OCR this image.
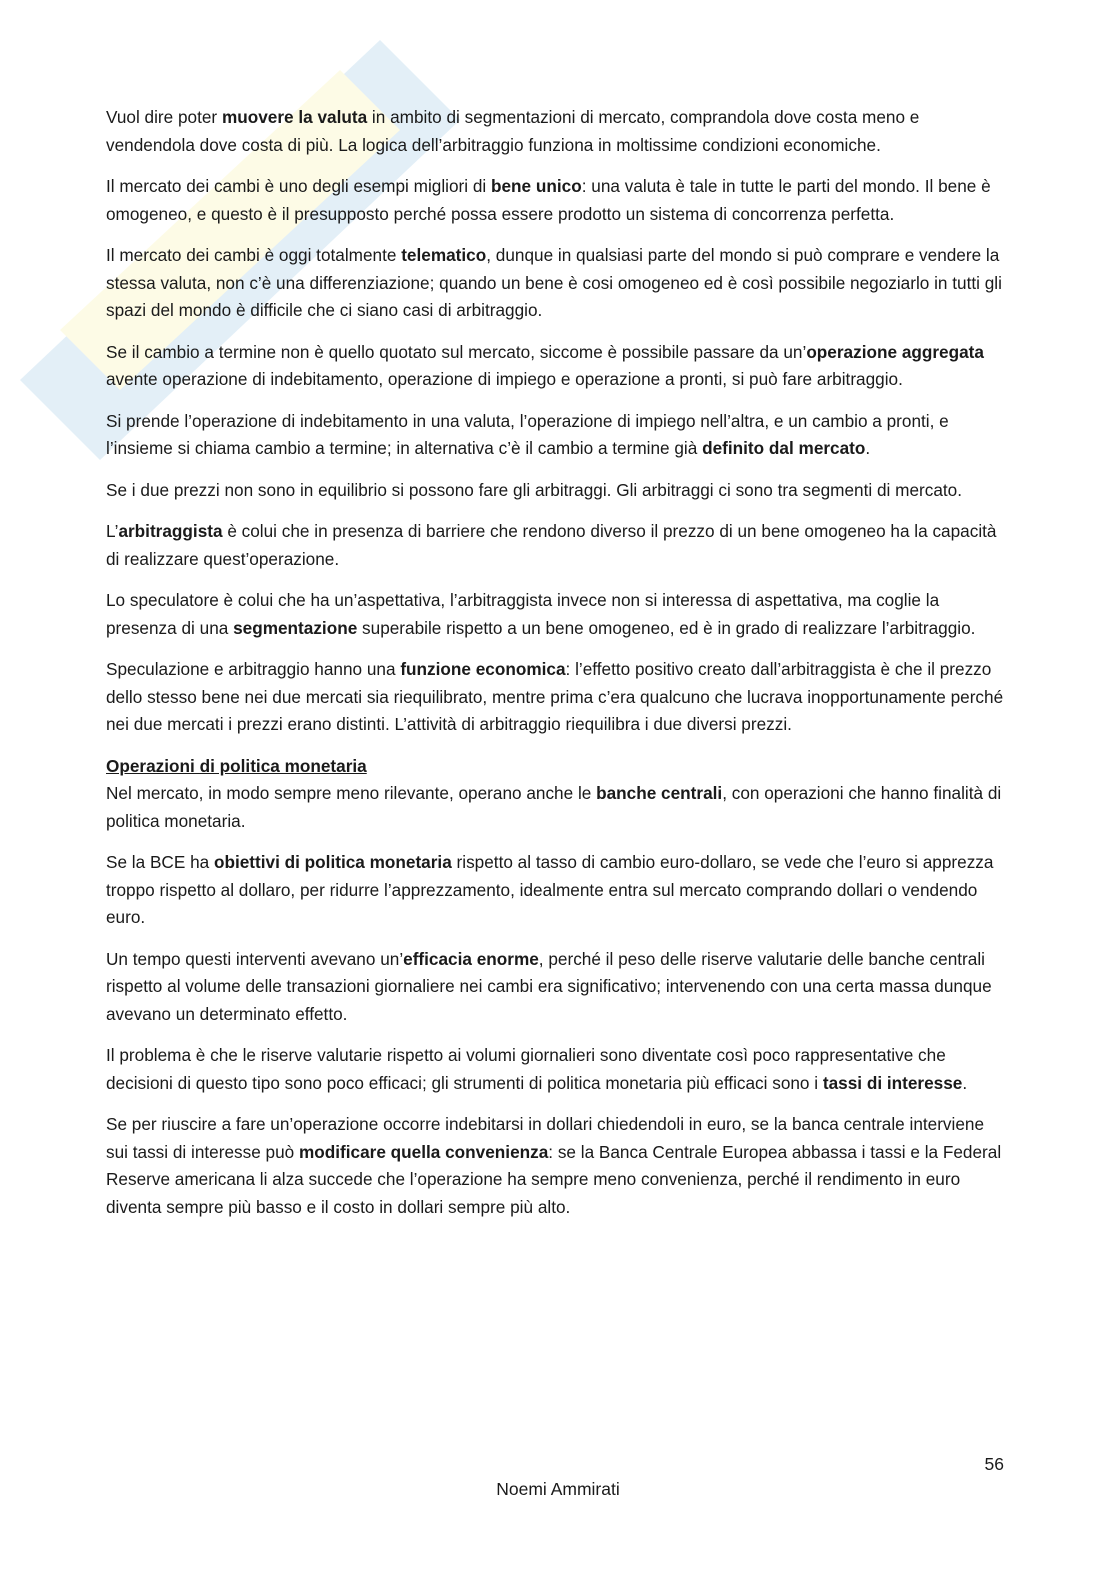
Vuol dire poter muovere la valuta in ambito di segmentazioni di mercato, comprandola dove costa meno e vendendola dove costa di più. La logica dell’arbitraggio funziona in moltissime condizioni economiche.

Il mercato dei cambi è uno degli esempi migliori di bene unico: una valuta è tale in tutte le parti del mondo. Il bene è omogeneo, e questo è il presupposto perché possa essere prodotto un sistema di concorrenza perfetta.

Il mercato dei cambi è oggi totalmente telematico, dunque in qualsiasi parte del mondo si può comprare e vendere la stessa valuta, non c’è una differenziazione; quando un bene è cosi omogeneo ed è così possibile negoziarlo in tutti gli spazi del mondo è difficile che ci siano casi di arbitraggio.

Se il cambio a termine non è quello quotato sul mercato, siccome è possibile passare da un’operazione aggregata avente operazione di indebitamento, operazione di impiego e operazione a pronti, si può fare arbitraggio.

Si prende l’operazione di indebitamento in una valuta, l’operazione di impiego nell’altra, e un cambio a pronti, e l’insieme si chiama cambio a termine; in alternativa c’è il cambio a termine già definito dal mercato.

Se i due prezzi non sono in equilibrio si possono fare gli arbitraggi. Gli arbitraggi ci sono tra segmenti di mercato.

L’arbitraggista è colui che in presenza di barriere che rendono diverso il prezzo di un bene omogeneo ha la capacità di realizzare quest’operazione.

Lo speculatore è colui che ha un’aspettativa, l’arbitraggista invece non si interessa di aspettativa, ma coglie la presenza di una segmentazione superabile rispetto a un bene omogeneo, ed è in grado di realizzare l’arbitraggio.

Speculazione e arbitraggio hanno una funzione economica: l’effetto positivo creato dall’arbitraggista è che il prezzo dello stesso bene nei due mercati sia riequilibrato, mentre prima c’era qualcuno che lucrava inopportunamente perché nei due mercati i prezzi erano distinti. L’attività di arbitraggio riequilibra i due diversi prezzi.

Operazioni di politica monetaria

Nel mercato, in modo sempre meno rilevante, operano anche le banche centrali, con operazioni che hanno finalità di politica monetaria.

Se la BCE ha obiettivi di politica monetaria rispetto al tasso di cambio euro-dollaro, se vede che l’euro si apprezza troppo rispetto al dollaro, per ridurre l’apprezzamento, idealmente entra sul mercato comprando dollari o vendendo euro.

Un tempo questi interventi avevano un’efficacia enorme, perché il peso delle riserve valutarie delle banche centrali rispetto al volume delle transazioni giornaliere nei cambi era significativo; intervenendo con una certa massa dunque avevano un determinato effetto.

Il problema è che le riserve valutarie rispetto ai volumi giornalieri sono diventate così poco rappresentative che decisioni di questo tipo sono poco efficaci; gli strumenti di politica monetaria più efficaci sono i tassi di interesse.

Se per riuscire a fare un’operazione occorre indebitarsi in dollari chiedendoli in euro, se la banca centrale interviene sui tassi di interesse può modificare quella convenienza: se la Banca Centrale Europea abbassa i tassi e la Federal Reserve americana li alza succede che l’operazione ha sempre meno convenienza, perché il rendimento in euro diventa sempre più basso e il costo in dollari sempre più alto.

56
Noemi Ammirati
